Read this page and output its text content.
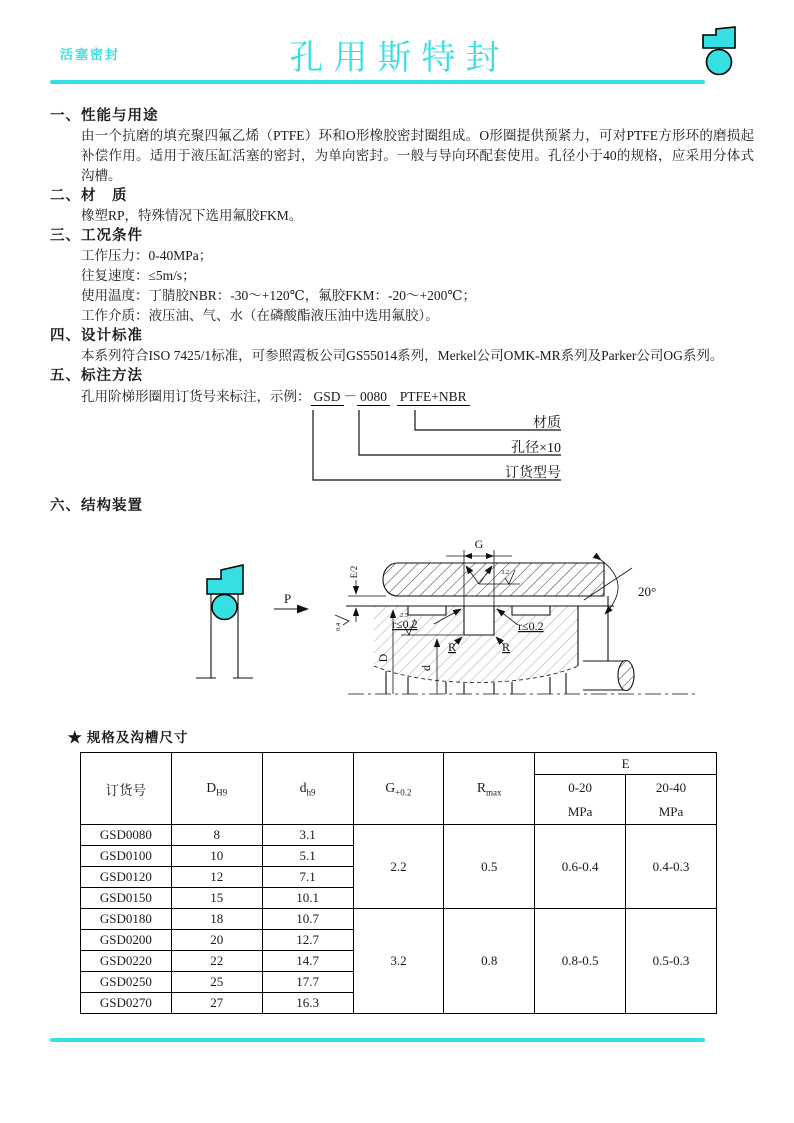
活塞密封	孔用斯特封
一、性能与用途
由一个抗磨的填充聚四氟乙烯（PTFE）环和O形橡胶密封圈组成。O形圈提供预紧力，可对PTFE方形环的磨损起补偿作用。适用于液压缸活塞的密封，为单向密封。一般与导向环配套使用。孔径小于40的规格，应采用分体式沟槽。
二、材　质
橡塑RP，特殊情况下选用氟胶FKM。
三、工况条件
工作压力：0-40MPa；
往复速度：≤5m/s；
使用温度：丁腈胶NBR：-30～+120℃，氟胶FKM：-20～+200℃；
工作介质：液压油、气、水（在磷酸酯液压油中选用氟胶）。
四、设计标准
本系列符合ISO 7425/1标准，可参照霞板公司GS55014系列，Merkel公司OMK-MR系列及Parker公司OG系列。
五、标注方法
孔用阶梯形圈用订货号来标注，示例： GSD － 0080 PTFE+NBR
材质
孔径×10
订货型号
六、结构装置
P
G
3.2
20°
r≤0.2	r≤0.2
R	R
E/2
0.4
D
d
2.5
★ 规格及沟槽尺寸
订货号	$D_{H9}$	$d_{h9}$	$G_{+0.2}$	$R_{max}$	E	

0-20
MPa

20-40
MPa

GSD0080	8	3.1	2.2	0.5	0.6-0.4	0.4-0.3
GSD0100	10	5.1				
GSD0120	12	7.1				
GSD0150	15	10.1				
GSD0180	18	10.7	3.2	0.8	0.8-0.5	0.5-0.3
GSD0200	20	12.7				
GSD0220	22	14.7				
GSD0250	25	17.7				
GSD0270	27	16.3				
